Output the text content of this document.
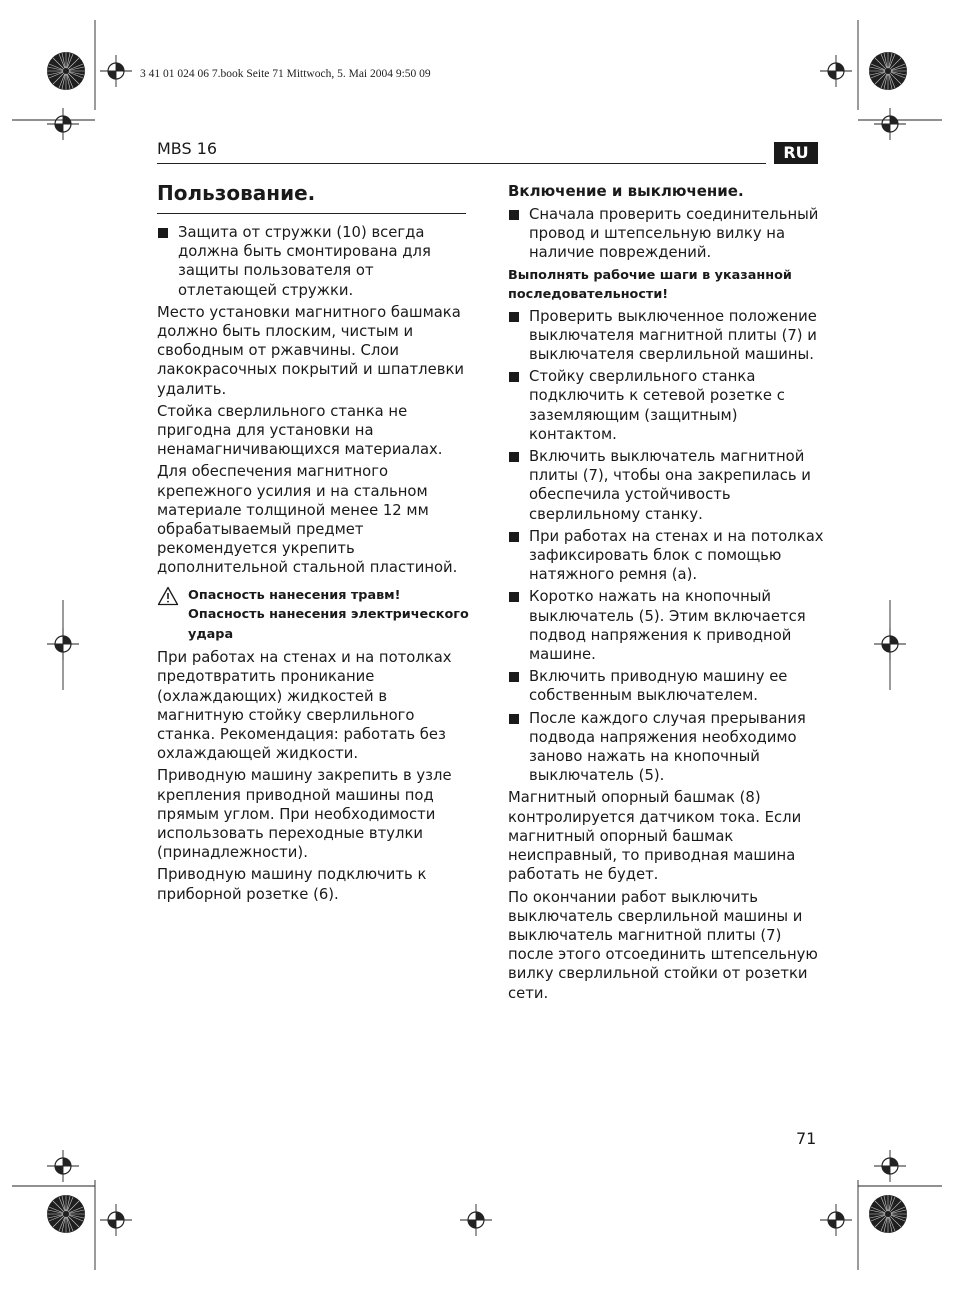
3 41 01 024 06 7.book Seite 71 Mittwoch, 5. Mai 2004 9:50 09
MBS 16	RU
Пользование.
Защита от стружки (10) всегда должна быть смонтирована для защиты пользователя от отлетающей стружки.

Место установки магнитного башмака должно быть плоским, чистым и свободным от ржавчины. Слои лакокрасочных покрытий и шпатлевки удалить.

Стойка сверлильного станка не пригодна для установки на ненамагничивающихся материалах.

Для обеспечения магнитного крепежного усилия и на стальном материале толщиной менее 12 мм обрабатываемый предмет рекомендуется укрепить дополнительной стальной пластиной.

Опасность нанесения травм!
Опасность нанесения электрического удара

При работах на стенах и на потолках предотвратить проникание (охлаждающих) жидкостей в магнитную стойку сверлильного станка. Рекомендация: работать без охлаждающей жидкости.

Приводную машину закрепить в узле крепления приводной машины под прямым углом. При необходимости использовать переходные втулки (принадлежности).

Приводную машину подключить к приборной розетке (6).

Включение и выключение.
Сначала проверить соединительный провод и штепсельную вилку на наличие повреждений.

Выполнять рабочие шаги в указанной последовательности!

Проверить выключенное положение выключателя магнитной плиты (7) и выключателя сверлильной машины.
Стойку сверлильного станка подключить к сетевой розетке с заземляющим (защитным) контактом.
Включить выключатель магнитной плиты (7), чтобы она закрепилась и обеспечила устойчивость сверлильному станку.
При работах на стенах и на потолках зафиксировать блок с помощью натяжного ремня (а).
Коротко нажать на кнопочный выключатель (5). Этим включается подвод напряжения к приводной машине.
Включить приводную машину ее собственным выключателем.
После каждого случая прерывания подвода напряжения необходимо заново нажать на кнопочный выключатель (5).

Магнитный опорный башмак (8) контролируется датчиком тока. Если магнитный опорный башмак неисправный, то приводная машина работать не будет.

По окончании работ выключить выключатель сверлильной машины и выключатель магнитной плиты (7) после этого отсоединить штепсельную вилку сверлильной стойки от розетки сети.

71
